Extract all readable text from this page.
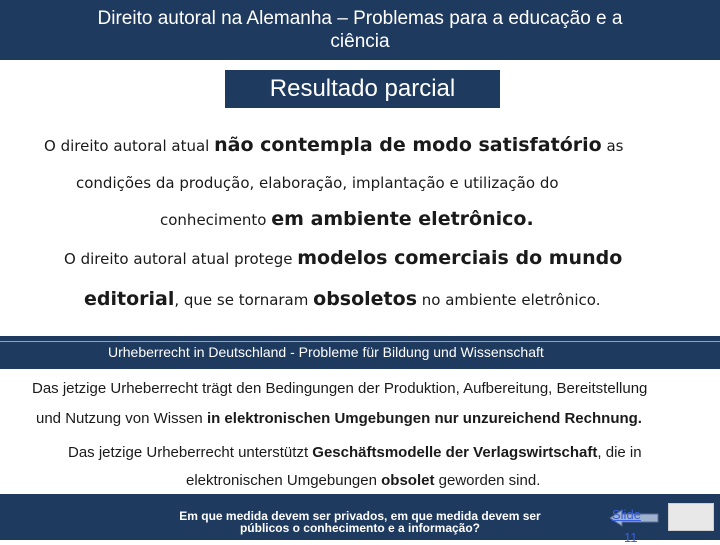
Direito autoral na Alemanha – Problemas para a educação e a
ciência
Resultado parcial
O direito autoral atual não contempla de modo satisfatório as
condições da produção, elaboração, implantação e utilização do
conhecimento em ambiente eletrônico.
O direito autoral atual protege modelos comerciais do mundo
editorial, que se tornaram obsoletos no ambiente eletrônico.
Urheberrecht in Deutschland - Probleme für Bildung und Wissenschaft
Das jetzige Urheberrecht trägt den Bedingungen der Produktion, Aufbereitung, Bereitstellung
und Nutzung von Wissen in elektronischen Umgebungen nur unzureichend Rechnung.
Das jetzige Urheberrecht unterstützt Geschäftsmodelle der Verlagswirtschaft, die in
elektronischen Umgebungen obsolet geworden sind.
Em que medida devem ser privados, em que medida devem ser
públicos o conhecimento e a informação?
Slide
11
